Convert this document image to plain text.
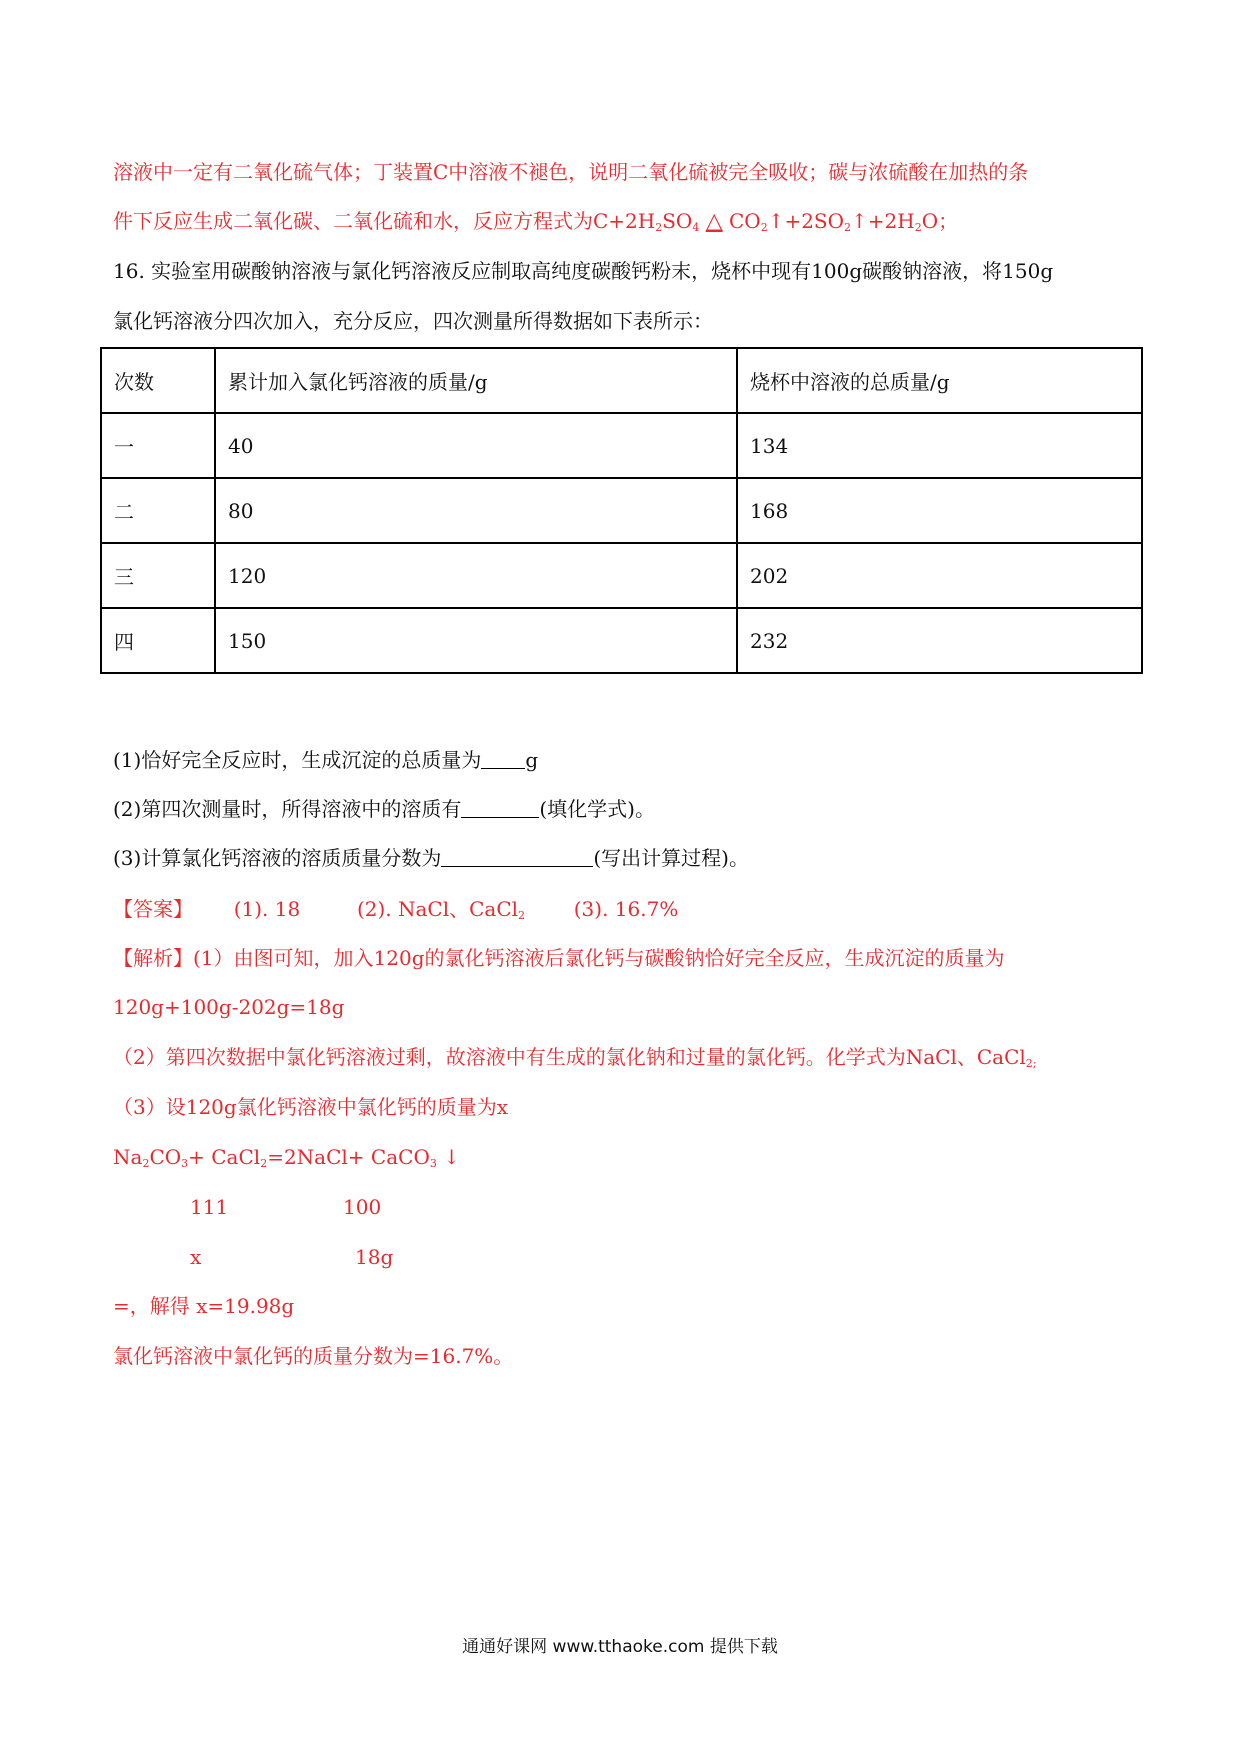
溶液中一定有二氧化硫气体；丁装置C中溶液不褪色，说明二氧化硫被完全吸收；碳与浓硫酸在加热的条
件下反应生成二氧化碳、二氧化硫和水，反应方程式为$C+2H_2SO_4$ △ $CO_2↑+2SO_2↑+2H_2O$；
16. 实验室用碳酸钠溶液与氯化钙溶液反应制取高纯度碳酸钙粉末，烧杯中现有100g碳酸钠溶液，将150g
氯化钙溶液分四次加入，充分反应，四次测量所得数据如下表所示：
次数	累计加入氯化钙溶液的质量/g	烧杯中溶液的总质量/g
一	40	134
二	80	168
三	120	202
四	150	232
(1)恰好完全反应时，生成沉淀的总质量为 g
(2)第四次测量时，所得溶液中的溶质有	(填化学式)。
(3)计算氯化钙溶液的溶质质量分数为	(写出计算过程)。
【答案】 (1). 18	(2). NaCl、CaCl$_2$ (3). 16.7%
【解析】(1）由图可知，加入120g的氯化钙溶液后氯化钙与碳酸钠恰好完全反应，生成沉淀的质量为
120g+100g-202g=18g
（2）第四次数据中氯化钙溶液过剩，故溶液中有生成的氯化钠和过量的氯化钙。化学式为NaCl、CaCl$_{2;}$
（3）设120g氯化钙溶液中氯化钙的质量为x
$Na_2CO_3+$ CaCl$_2$=2NaCl+ CaCO$_3$ ↓
111	100
x	18g
=，解得 x=19.98g
氯化钙溶液中氯化钙的质量分数为=16.7%。
通通好课网 www.tthaoke.com 提供下载
